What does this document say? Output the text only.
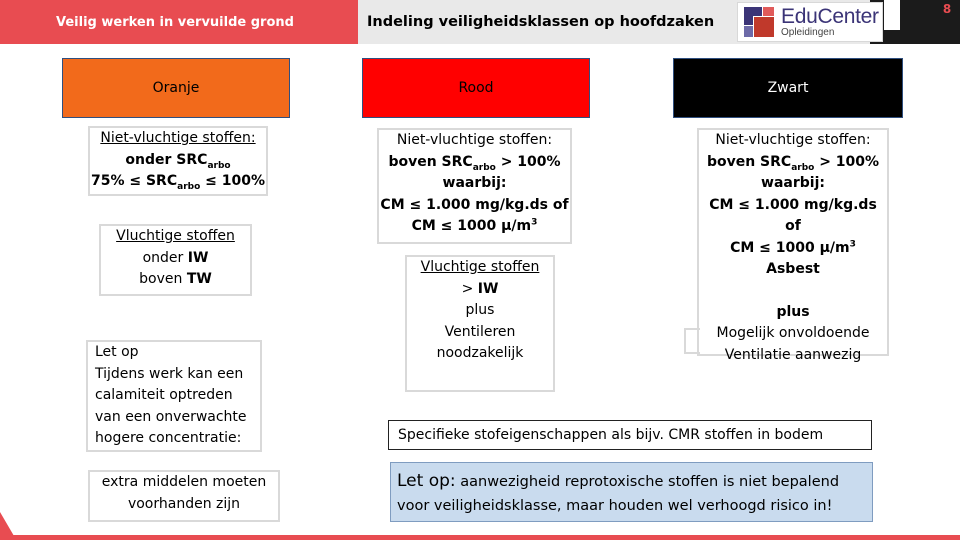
Veilig werken in vervuilde grond	Indeling veiligheidsklassen op hoofdzaken
8
EduCenter
Opleidingen
Oranje	Rood	Zwart
Niet-vluchtige stoffen:
onder $SRC_{arbo}$
$75\% \le SRC_{arbo} \le 100\%$
Vluchtige stoffen
onder IW
boven TW
Let op
Tijdens werk kan een
calamiteit optreden
van een onverwachte
hogere concentratie:
extra middelen moeten
voorhanden zijn
Niet-vluchtige stoffen:
boven $SRC_{arbo} > 100\%$
waarbij:
CM ≤ 1.000 mg/kg.ds of
CM ≤ 1000 $\mu/m^3$
Vluchtige stoffen
> IW
plus
Ventileren
noodzakelijk
Niet-vluchtige stoffen:
boven $SRC_{arbo} > 100\%$
waarbij:
CM ≤ 1.000 mg/kg.ds of
CM ≤ 1000 $\mu/m^3$
Asbest
plus
Mogelijk onvoldoende
Ventilatie aanwezig
Specifieke stofeigenschappen als bijv. CMR stoffen in bodem
Let op: aanwezigheid reprotoxische stoffen is niet bepalend
voor veiligheidsklasse, maar houden wel verhoogd risico in!
